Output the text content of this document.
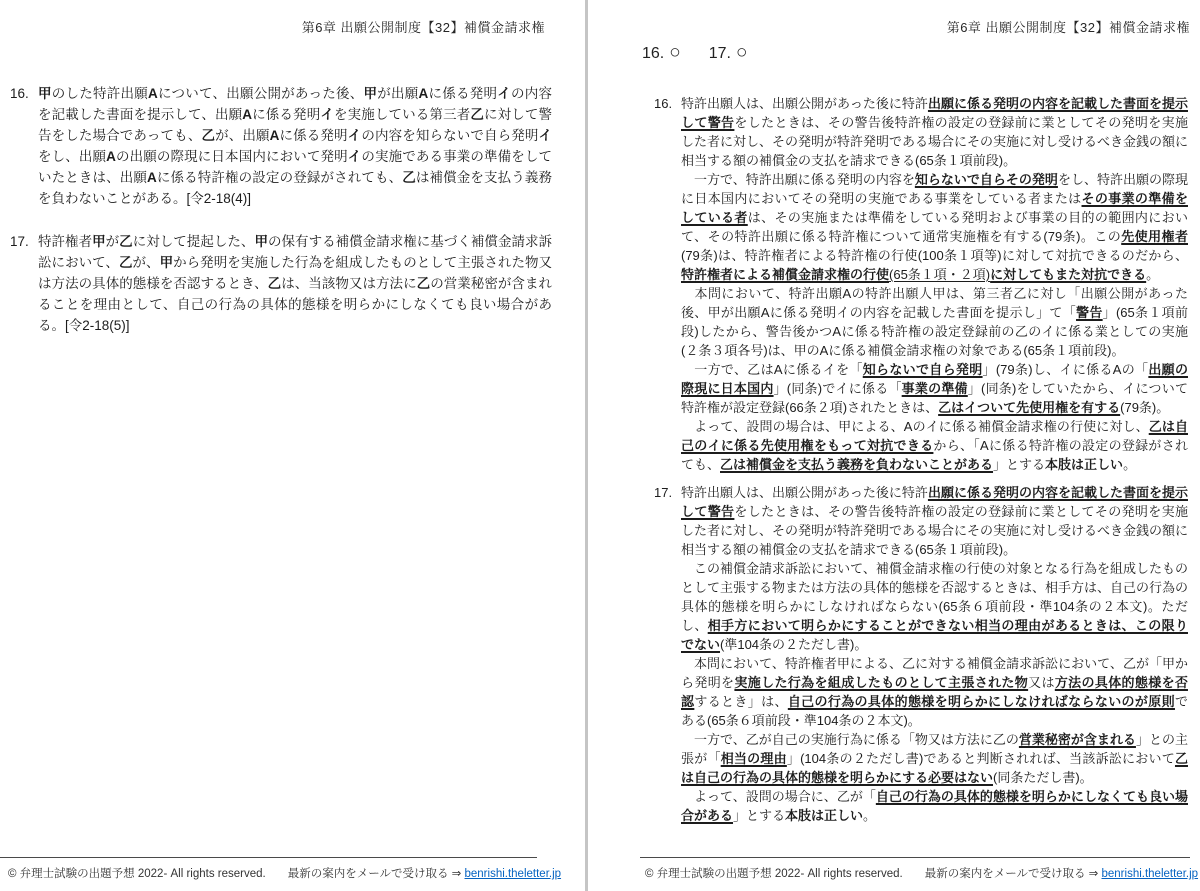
第6章 出願公開制度【32】補償金請求権
16. 甲のした特許出願Aについて、出願公開があった後、甲が出願Aに係る発明イの内容を記載した書面を提示して、出願Aに係る発明イを実施している第三者乙に対して警告をした場合であっても、乙が、出願Aに係る発明イの内容を知らないで自ら発明イをし、出願Aの出願の際現に日本国内において発明イの実施である事業の準備をしていたときは、出願Aに係る特許権の設定の登録がされても、乙は補償金を支払う義務を負わないことがある。[令2-18(4)]

17. 特許権者甲が乙に対して提起した、甲の保有する補償金請求権に基づく補償金請求訴訟において、乙が、甲から発明を実施した行為を組成したものとして主張された物又は方法の具体的態様を否認するとき、乙は、当該物又は方法に乙の営業秘密が含まれることを理由として、自己の行為の具体的態様を明らかにしなくても良い場合がある。[令2-18(5)]

© 弁理士試験の出題予想 2022- All rights reserved. 最新の案内をメールで受け取る ⇒ benrishi.theletter.jp
第6章 出願公開制度【32】補償金請求権
16. ○ 17. ○
16. 特許出願人は、出願公開があった後に特許出願に係る発明の内容を記載した書面を提示して警告をしたときは、その警告後特許権の設定の登録前に業としてその発明を実施した者に対し、その発明が特許発明である場合にその実施に対し受けるべき金銭の額に相当する額の補償金の支払を請求できる(65条１項前段)。

　一方で、特許出願に係る発明の内容を知らないで自らその発明をし、特許出願の際現に日本国内においてその発明の実施である事業をしている者またはその事業の準備をしている者は、その実施または準備をしている発明および事業の目的の範囲内において、その特許出願に係る特許権について通常実施権を有する(79条)。この先使用権者(79条)は、特許権者による特許権の行使(100条１項等)に対して対抗できるのだから、特許権者による補償金請求権の行使(65条１項・２項)に対してもまた対抗できる。

　本問において、特許出願Aの特許出願人甲は、第三者乙に対し「出願公開があった後、甲が出願Aに係る発明イの内容を記載した書面を提示し」て「警告」(65条１項前段)したから、警告後かつAに係る特許権の設定登録前の乙のイに係る業としての実施(２条３項各号)は、甲のAに係る補償金請求権の対象である(65条１項前段)。

　一方で、乙はAに係るイを「知らないで自ら発明」(79条)し、イに係るAの「出願の際現に日本国内」(同条)でイに係る「事業の準備」(同条)をしていたから、イについて特許権が設定登録(66条２項)されたときは、乙はイついて先使用権を有する(79条)。

　よって、設問の場合は、甲による、Aのイに係る補償金請求権の行使に対し、乙は自己のイに係る先使用権をもって対抗できるから、「Aに係る特許権の設定の登録がされても、乙は補償金を支払う義務を負わないことがある」とする本肢は正しい。

17. 特許出願人は、出願公開があった後に特許出願に係る発明の内容を記載した書面を提示して警告をしたときは、その警告後特許権の設定の登録前に業としてその発明を実施した者に対し、その発明が特許発明である場合にその実施に対し受けるべき金銭の額に相当する額の補償金の支払を請求できる(65条１項前段)。

　この補償金請求訴訟において、補償金請求権の行使の対象となる行為を組成したものとして主張する物または方法の具体的態様を否認するときは、相手方は、自己の行為の具体的態様を明らかにしなければならない(65条６項前段・準104条の２本文)。ただし、相手方において明らかにすることができない相当の理由があるときは、この限りでない(準104条の２ただし書)。

　本問において、特許権者甲による、乙に対する補償金請求訴訟において、乙が「甲から発明を実施した行為を組成したものとして主張された物又は方法の具体的態様を否認するとき」は、自己の行為の具体的態様を明らかにしなければならないのが原則である(65条６項前段・準104条の２本文)。

　一方で、乙が自己の実施行為に係る「物又は方法に乙の営業秘密が含まれる」との主張が「相当の理由」(104条の２ただし書)であると判断されれば、当該訴訟において乙は自己の行為の具体的態様を明らかにする必要はない(同条ただし書)。

　よって、設問の場合に、乙が「自己の行為の具体的態様を明らかにしなくても良い場合がある」とする本肢は正しい。

© 弁理士試験の出題予想 2022- All rights reserved. 最新の案内をメールで受け取る ⇒ benrishi.theletter.jp
